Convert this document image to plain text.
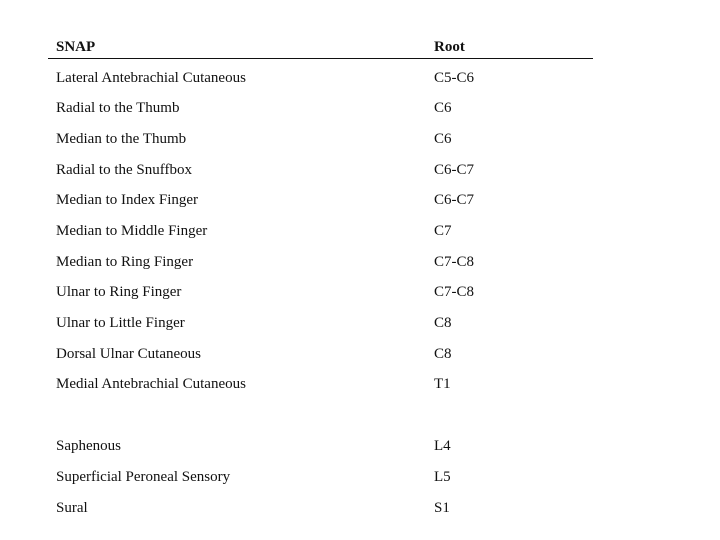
SNAP	Root
Lateral Antebrachial Cutaneous	C5-C6
Radial to the Thumb	C6
Median to the Thumb	C6
Radial to the Snuffbox	C6-C7
Median to Index Finger	C6-C7
Median to Middle Finger	C7
Median to Ring Finger	C7-C8
Ulnar to Ring Finger	C7-C8
Ulnar to Little Finger	C8
Dorsal Ulnar Cutaneous	C8
Medial Antebrachial Cutaneous	T1
Saphenous	L4
Superficial Peroneal Sensory	L5
Sural	S1
